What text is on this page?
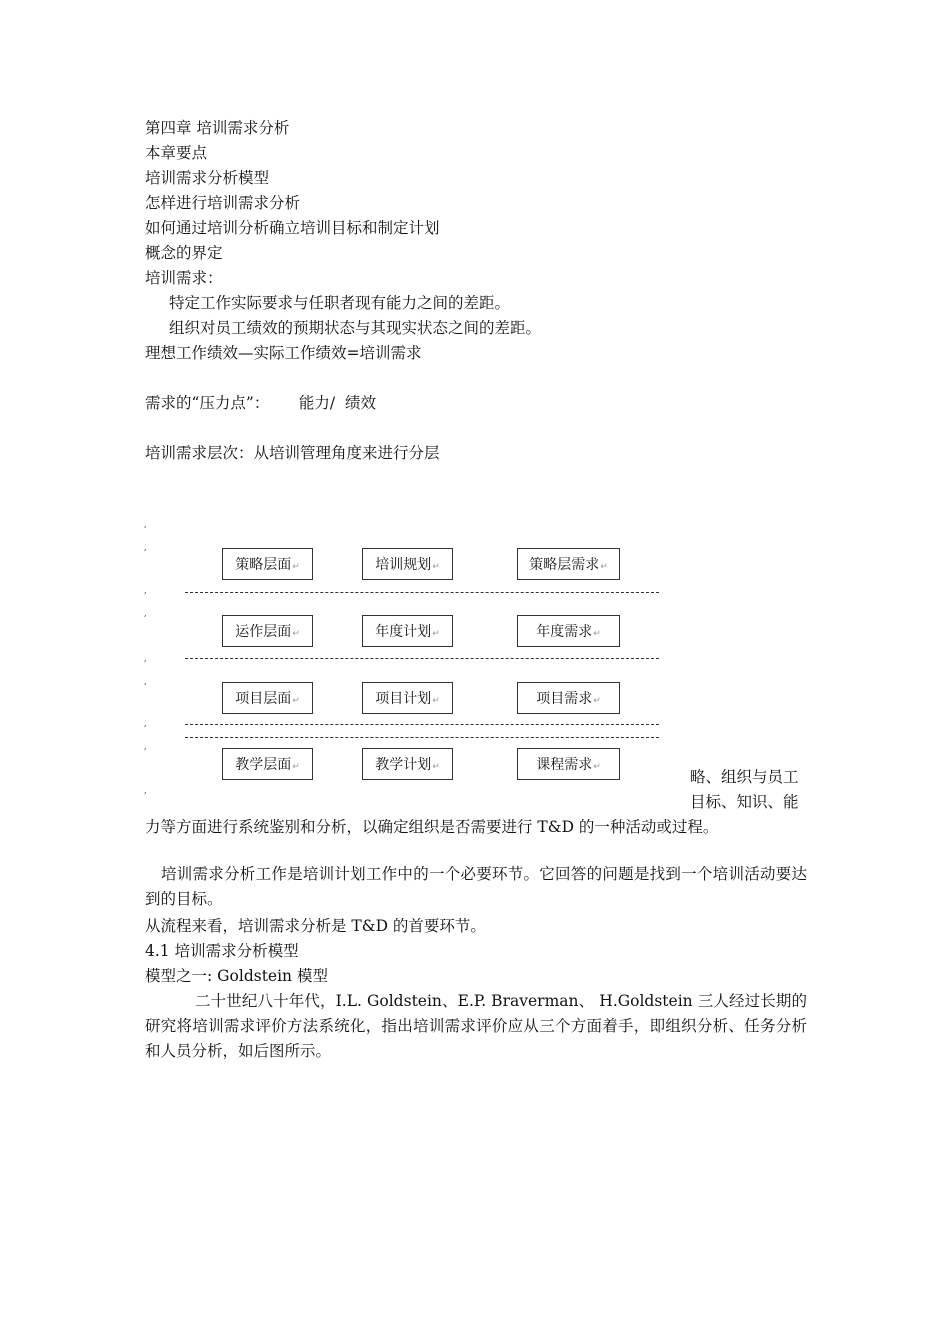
第四章 培训需求分析
本章要点
培训需求分析模型
怎样进行培训需求分析
如何通过培训分析确立培训目标和制定计划
概念的界定
培训需求：
特定工作实际要求与任职者现有能力之间的差距。
组织对员工绩效的预期状态与其现实状态之间的差距。
理想工作绩效—实际工作绩效=培训需求
需求的“压力点”：      能力/  绩效
培训需求层次：从培训管理角度来进行分层
略、组织与员工
目标、知识、能
,
,
,
,
,
,
,
,
,
策略层面↵	培训规划↵	策略层需求↵
运作层面↵	年度计划↵	年度需求↵
项目层面↵	项目计划↵	项目需求↵
教学层面↵	教学计划↵	课程需求↵
力等方面进行系统鉴别和分析，以确定组织是否需要进行 T&D 的一种活动或过程。
培训需求分析工作是培训计划工作中的一个必要环节。它回答的问题是找到一个培训活动要达到的目标。
从流程来看，培训需求分析是 T&D 的首要环节。
4.1 培训需求分析模型
模型之一: Goldstein 模型
二十世纪八十年代，I.L. Goldstein、E.P. Braverman、 H.Goldstein 三人经过长期的研究将培训需求评价方法系统化，指出培训需求评价应从三个方面着手，即组织分析、任务分析和人员分析，如后图所示。
